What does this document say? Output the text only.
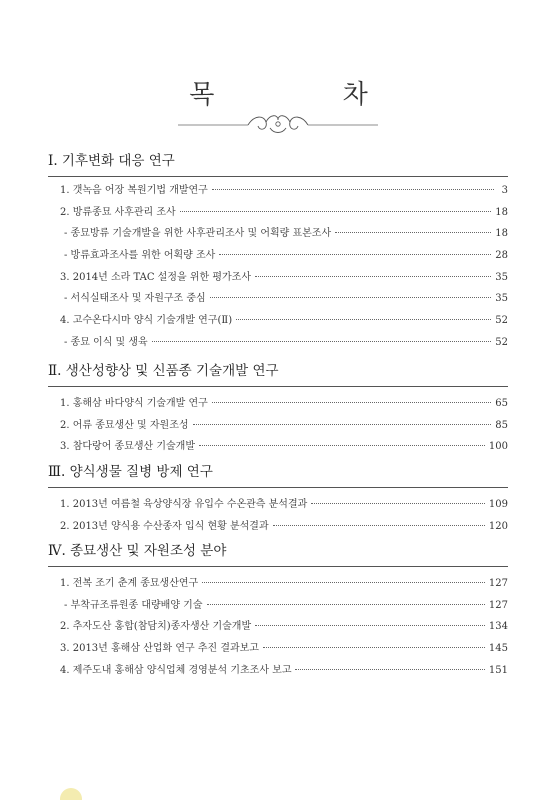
목 차
Ⅰ. 기후변화 대응 연구
1. 갯녹음 어장 복원기법 개발연구	3
2. 방류종묘 사후관리 조사	18
- 종묘방류 기술개발을 위한 사후관리조사 및 어획량 표본조사	18
- 방류효과조사를 위한 어획량 조사	28
3. 2014년 소라 TAC 설정을 위한 평가조사	35
- 서식실태조사 및 자원구조 중심	35
4. 고수온다시마 양식 기술개발 연구(Ⅱ)	52
- 종묘 이식 및 생육	52
Ⅱ. 생산성향상 및 신품종 기술개발 연구
1. 홍해삼 바다양식 기술개발 연구	65
2. 어류 종묘생산 및 자원조성	85
3. 참다랑어 종묘생산 기술개발	100
Ⅲ. 양식생물 질병 방제 연구
1. 2013년 여름철 육상양식장 유입수 수온관측 분석결과	109
2. 2013년 양식용 수산종자 입식 현황 분석결과	120
Ⅳ. 종묘생산 및 자원조성 분야
1. 전복 조기 춘계 종묘생산연구	127
- 부착규조류원종 대량배양 기술	127
2. 추자도산 홍합(참담치)종자생산 기술개발	134
3. 2013년 홍해삼 산업화 연구 추진 결과보고	145
4. 제주도내 홍해삼 양식업체 경영분석 기초조사 보고	151
